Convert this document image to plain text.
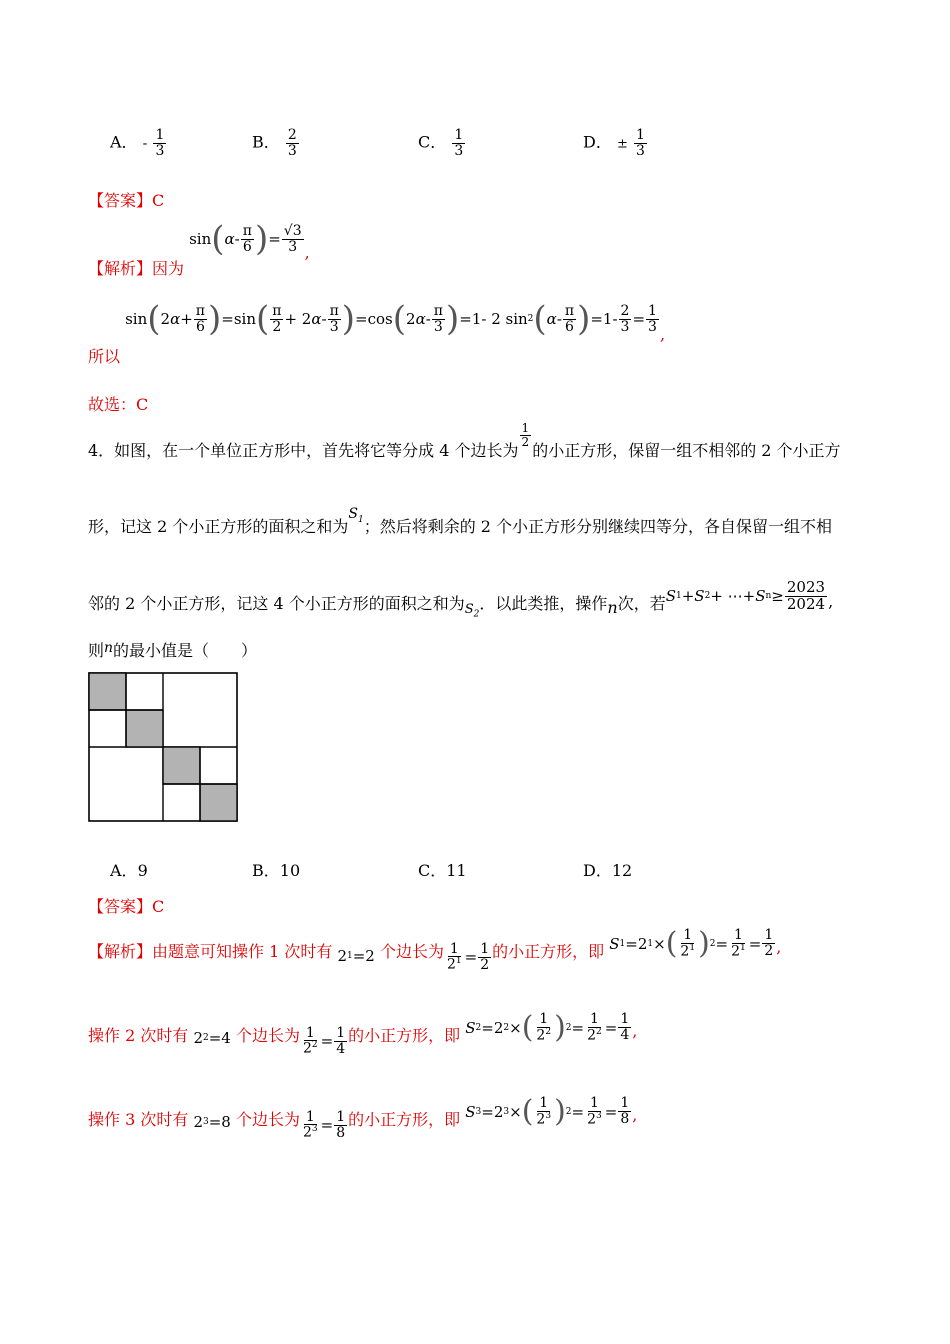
A． - $\frac{1}{3}$	B． $\frac{2}{3}$	C． $\frac{1}{3}$	D． ± $\frac{1}{3}$
【答案】C
【解析】因为 sin ( α - $\frac{\pi}{6}$ ) = $\frac{√3}{3}$ ,
所以 sin ( 2 $\alpha + \frac{\pi}{6}$ ) =sin ( $\frac{\pi}{2} + 2$ α - $\frac{\pi}{3}$ ) =cos ( 2 α - $\frac{\pi}{3}$ ) =1- 2 sin 2 ( α - $\frac{\pi}{6}$ ) $=1- \frac{2}{3} = \frac{1}{3}$
,
故选：C
4．如图，在一个单位正方形中，首先将它等分成 4 个边长为
$\frac{1}{2}$
的小正方形，保留一组不相邻的 2 个小正方
形，记这 2 个小正方形的面积之和为$S_1$；然后将剩余的 2 个小正方形分别继续四等分，各自保留一组不相
邻的 2 个小正方形，记这 4 个小正方形的面积之和为$_{S_2}$．以此类推，操作n次，若 S 1 + S 2 + ⋯+ S $n \ge \frac{2023}{2024}$ ,
则n的最小值是（　　）
A．9	B．10	C．11	D．12
【答案】C
【解析】由题意可知操作 1 次时有 2 1 =2 个边长为 $\frac{1}{2^1} = \frac{1}{2}$ 的小正方形，即 S 1 =2 1 × ( $\frac{1}{2^1}$ ) $2 = \frac{1}{2^1} = \frac{1}{2}$ ,
操作 2 次时有 2 2 =4 个边长为 $\frac{1}{2^2} = \frac{1}{4}$ 的小正方形，即 S 2 =2 2 × ( $\frac{1}{2^2}$ ) $2 = \frac{1}{2^2} = \frac{1}{4}$ ,
操作 3 次时有 2 3 =8 个边长为 $\frac{1}{2^3} = \frac{1}{8}$ 的小正方形，即 S 3 =2 3 × ( $\frac{1}{2^3}$ ) $2 = \frac{1}{2^3} = \frac{1}{8}$ ,
